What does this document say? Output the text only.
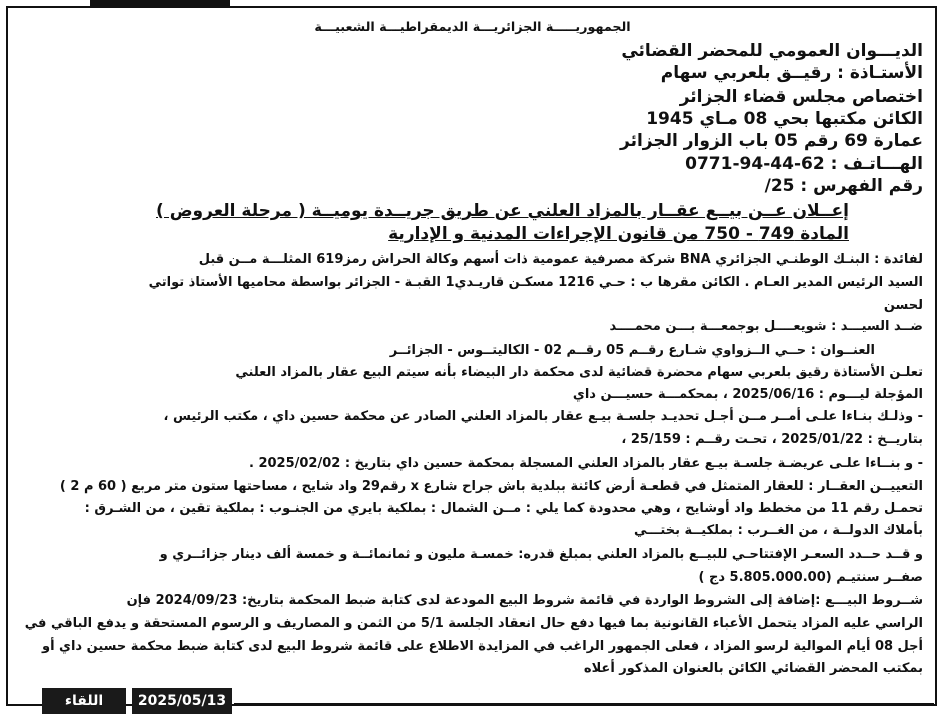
الجمهوريـــــة الجزائريـــة الديمقراطيـــة الشعبيـــة
الديـــوان العمومي للمحضر القضائي
الأستـاذة : رقيــق بلعربي سهام
اختصاص مجلس قضاء الجزائر
الكائن مكتبها بحي 08 مـاي 1945
عمارة 69 رقم 05 باب الزوار الجزائر
الهـــاتـف : 62-44-94-0771
رقم الفهرس : 25/
إعــلان عــن بيــع عقــار بالمزاد العلني عن طريق جريــدة يوميــة ( مرحلة العروض )
المادة 749 - 750 من قانون الإجراءات المدنية و الإدارية
لفائدة : البنـك الوطنـي الجزائري BNA شركة مصرفية عمومية ذات أسهم وكالة الحراش رمز619 المثلـــة مــن قبل
السيد الرئيس المدير العـام . الكائن مقرها ب : حـي 1216 مسكـن قاريـدي1 القبـة - الجزائر بواسطة محاميها الأستاذ تواتي
لحسن
ضــد السيـــد : شويعــــل بوجمعـــة بـــن محمــــد
العنــوان : حــي الــزواوي شـارع رقــم 05 رقــم 02 - الكاليتــوس - الجزائــر
تعلـن الأستاذة رقيق بلعربي سهام محضرة قضائية لدى محكمة دار البيضاء بأنه سيتم البيع عقار بالمزاد العلني
المؤجلة ليـــوم : 2025/06/16 ، بمحكمـــة حسيـــن داي
- وذلـك بنـاءا علـى أمــر مــن أجـل تحديـد جلسـة بيـع عقار بالمزاد العلني الصادر عن محكمة حسين داي ، مكتب الرئيس ،
بتاريــخ : 2025/01/22 ، تحـت رقــم : 25/159 ،
- و بنــاءا علـى عريضـة جلسـة بيـع عقار بالمزاد العلني المسجلة بمحكمة حسين داي بتاريخ : 2025/02/02 .
التعييــن العقــار : للعقار المتمثل في قطعـة أرض كائنة ببلدية باش جراح شارع x رقم29 واد شايح ، مساحتها ستون متر مربع ( 60 م 2 )
تحمـل رقم 11 من مخطط واد أوشايح ، وهي محدودة كما يلي : مــن الشمال : بملكية بايري من الجنـوب : بملكية تقين ، من الشـرق :
بأملاك الدولــة ، من الغــرب : بملكيــة بختـــي
و قــد حــدد السعـر الإفتتاحـي للبيــع بالمزاد العلني بمبلغ قدره: خمسـة مليون و ثمانمائــة و خمسة ألف دينار جزائــري و
صفــر سنتيـم (5.805.000.00 دج )
شــروط البيـــع :إضافة إلى الشروط الواردة في قائمة شروط البيع المودعة لدى كتابة ضبط المحكمة بتاريخ: 2024/09/23 فإن
الراسي عليه المزاد يتحمل الأعباء القانونية بما فيها دفع حال انعقاد الجلسة 5/1 من الثمن و المصاريف و الرسوم المستحقة و يدفع الباقي في
أجل 08 أيام الموالية لرسو المزاد ، فعلى الجمهور الراغب في المزايدة الاطلاع على قائمة شروط البيع لدى كتابة ضبط محكمة حسين داي أو
بمكتب المحضر القضائي الكائن بالعنوان المذكور أعلاه
2025/05/13
اللقاء
